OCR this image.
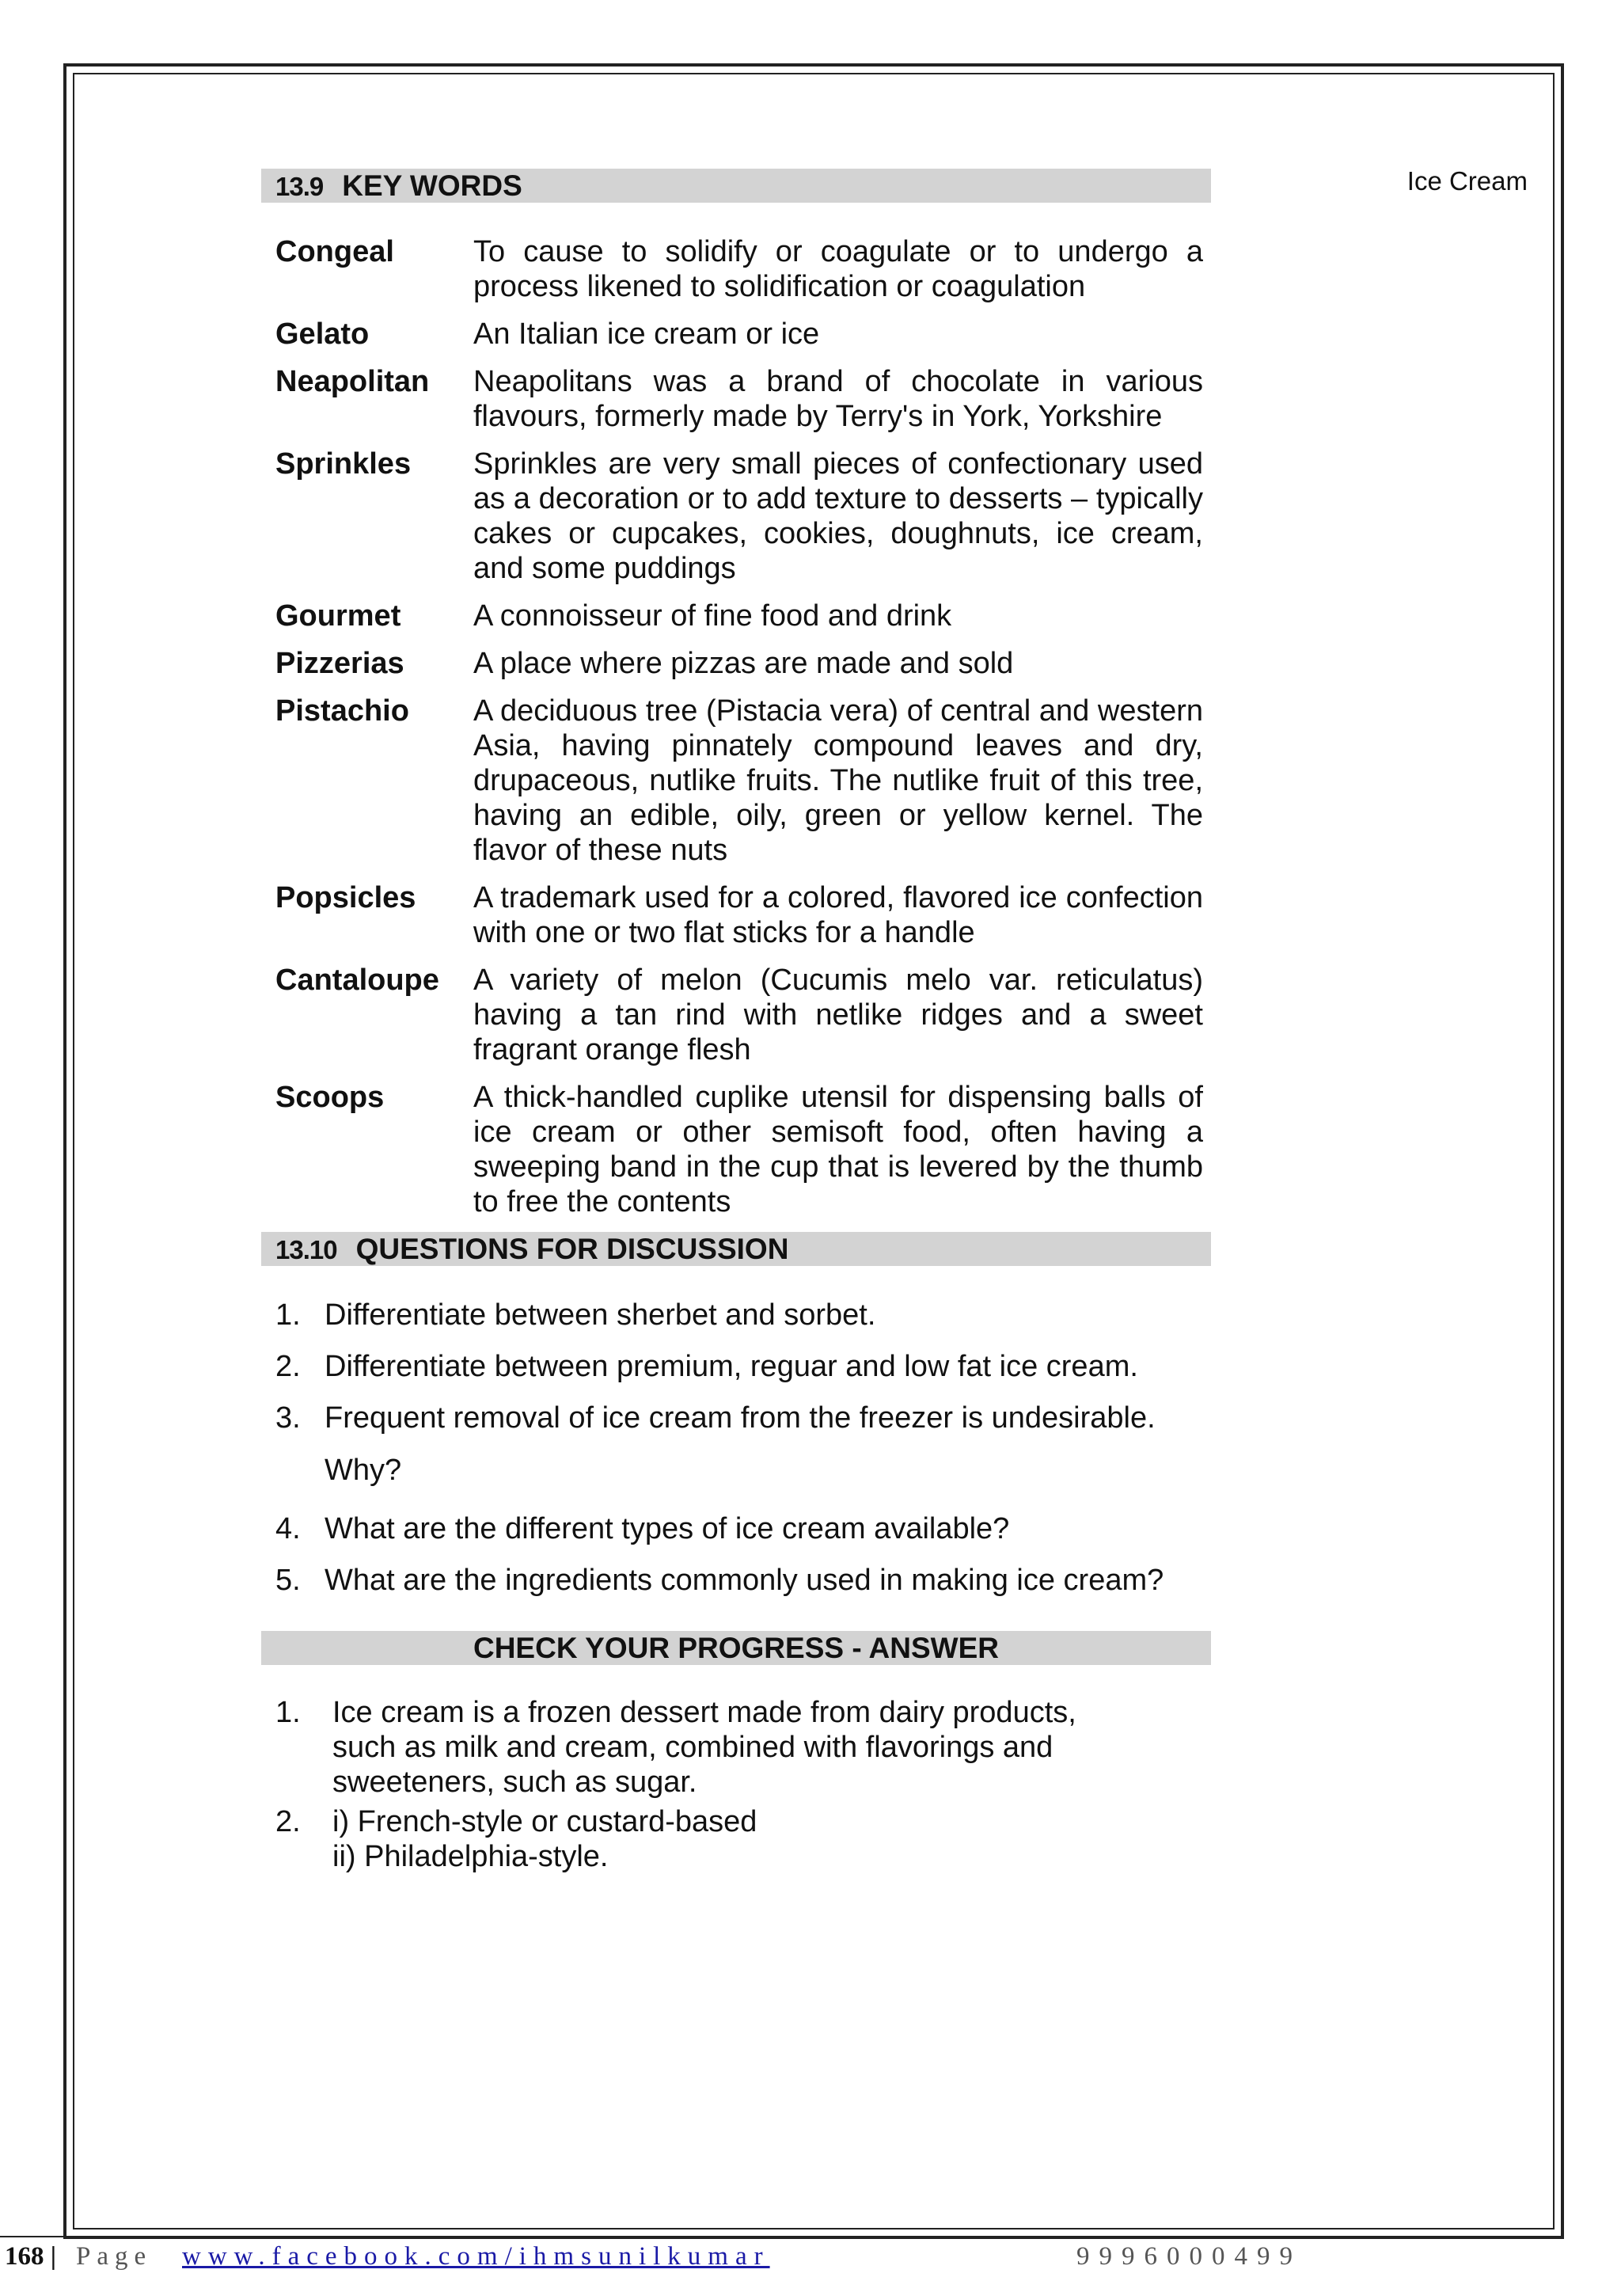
Ice Cream
13.9 KEY WORDS
Congeal	To cause to solidify or coagulate or to undergo a process likened to solidification or coagulation
Gelato	An Italian ice cream or ice
Neapolitan	Neapolitans was a brand of chocolate in various flavours, formerly made by Terry's in York, Yorkshire
Sprinkles	Sprinkles are very small pieces of confectionary used as a decoration or to add texture to desserts – typically cakes or cupcakes, cookies, doughnuts, ice cream, and some puddings
Gourmet	A connoisseur of fine food and drink
Pizzerias	A place where pizzas are made and sold
Pistachio	A deciduous tree (Pistacia vera) of central and western Asia, having pinnately compound leaves and dry, drupaceous, nutlike fruits. The nutlike fruit of this tree, having an edible, oily, green or yellow kernel. The flavor of these nuts
Popsicles	A trademark used for a colored, flavored ice confection with one or two flat sticks for a handle
Cantaloupe	A variety of melon (Cucumis melo var. reticulatus) having a tan rind with netlike ridges and a sweet fragrant orange flesh
Scoops	A thick-handled cuplike utensil for dispensing balls of ice cream or other semisoft food, often having a sweeping band in the cup that is levered by the thumb to free the contents
13.10 QUESTIONS FOR DISCUSSION
1. Differentiate between sherbet and sorbet.
2. Differentiate between premium, reguar and low fat ice cream.
3. Frequent removal of ice cream from the freezer is undesirable. Why?
4. What are the different types of ice cream available?
5. What are the ingredients commonly used in making ice cream?
CHECK YOUR PROGRESS - ANSWER
1.	Ice cream is a frozen dessert made from dairy products, such as milk and cream, combined with flavorings and sweeteners, such as sugar.
2.	i) French-style or custard-based
ii) Philadelphia-style.
168 | Page www.facebook.com/ihmsunilkumar	9996000499
